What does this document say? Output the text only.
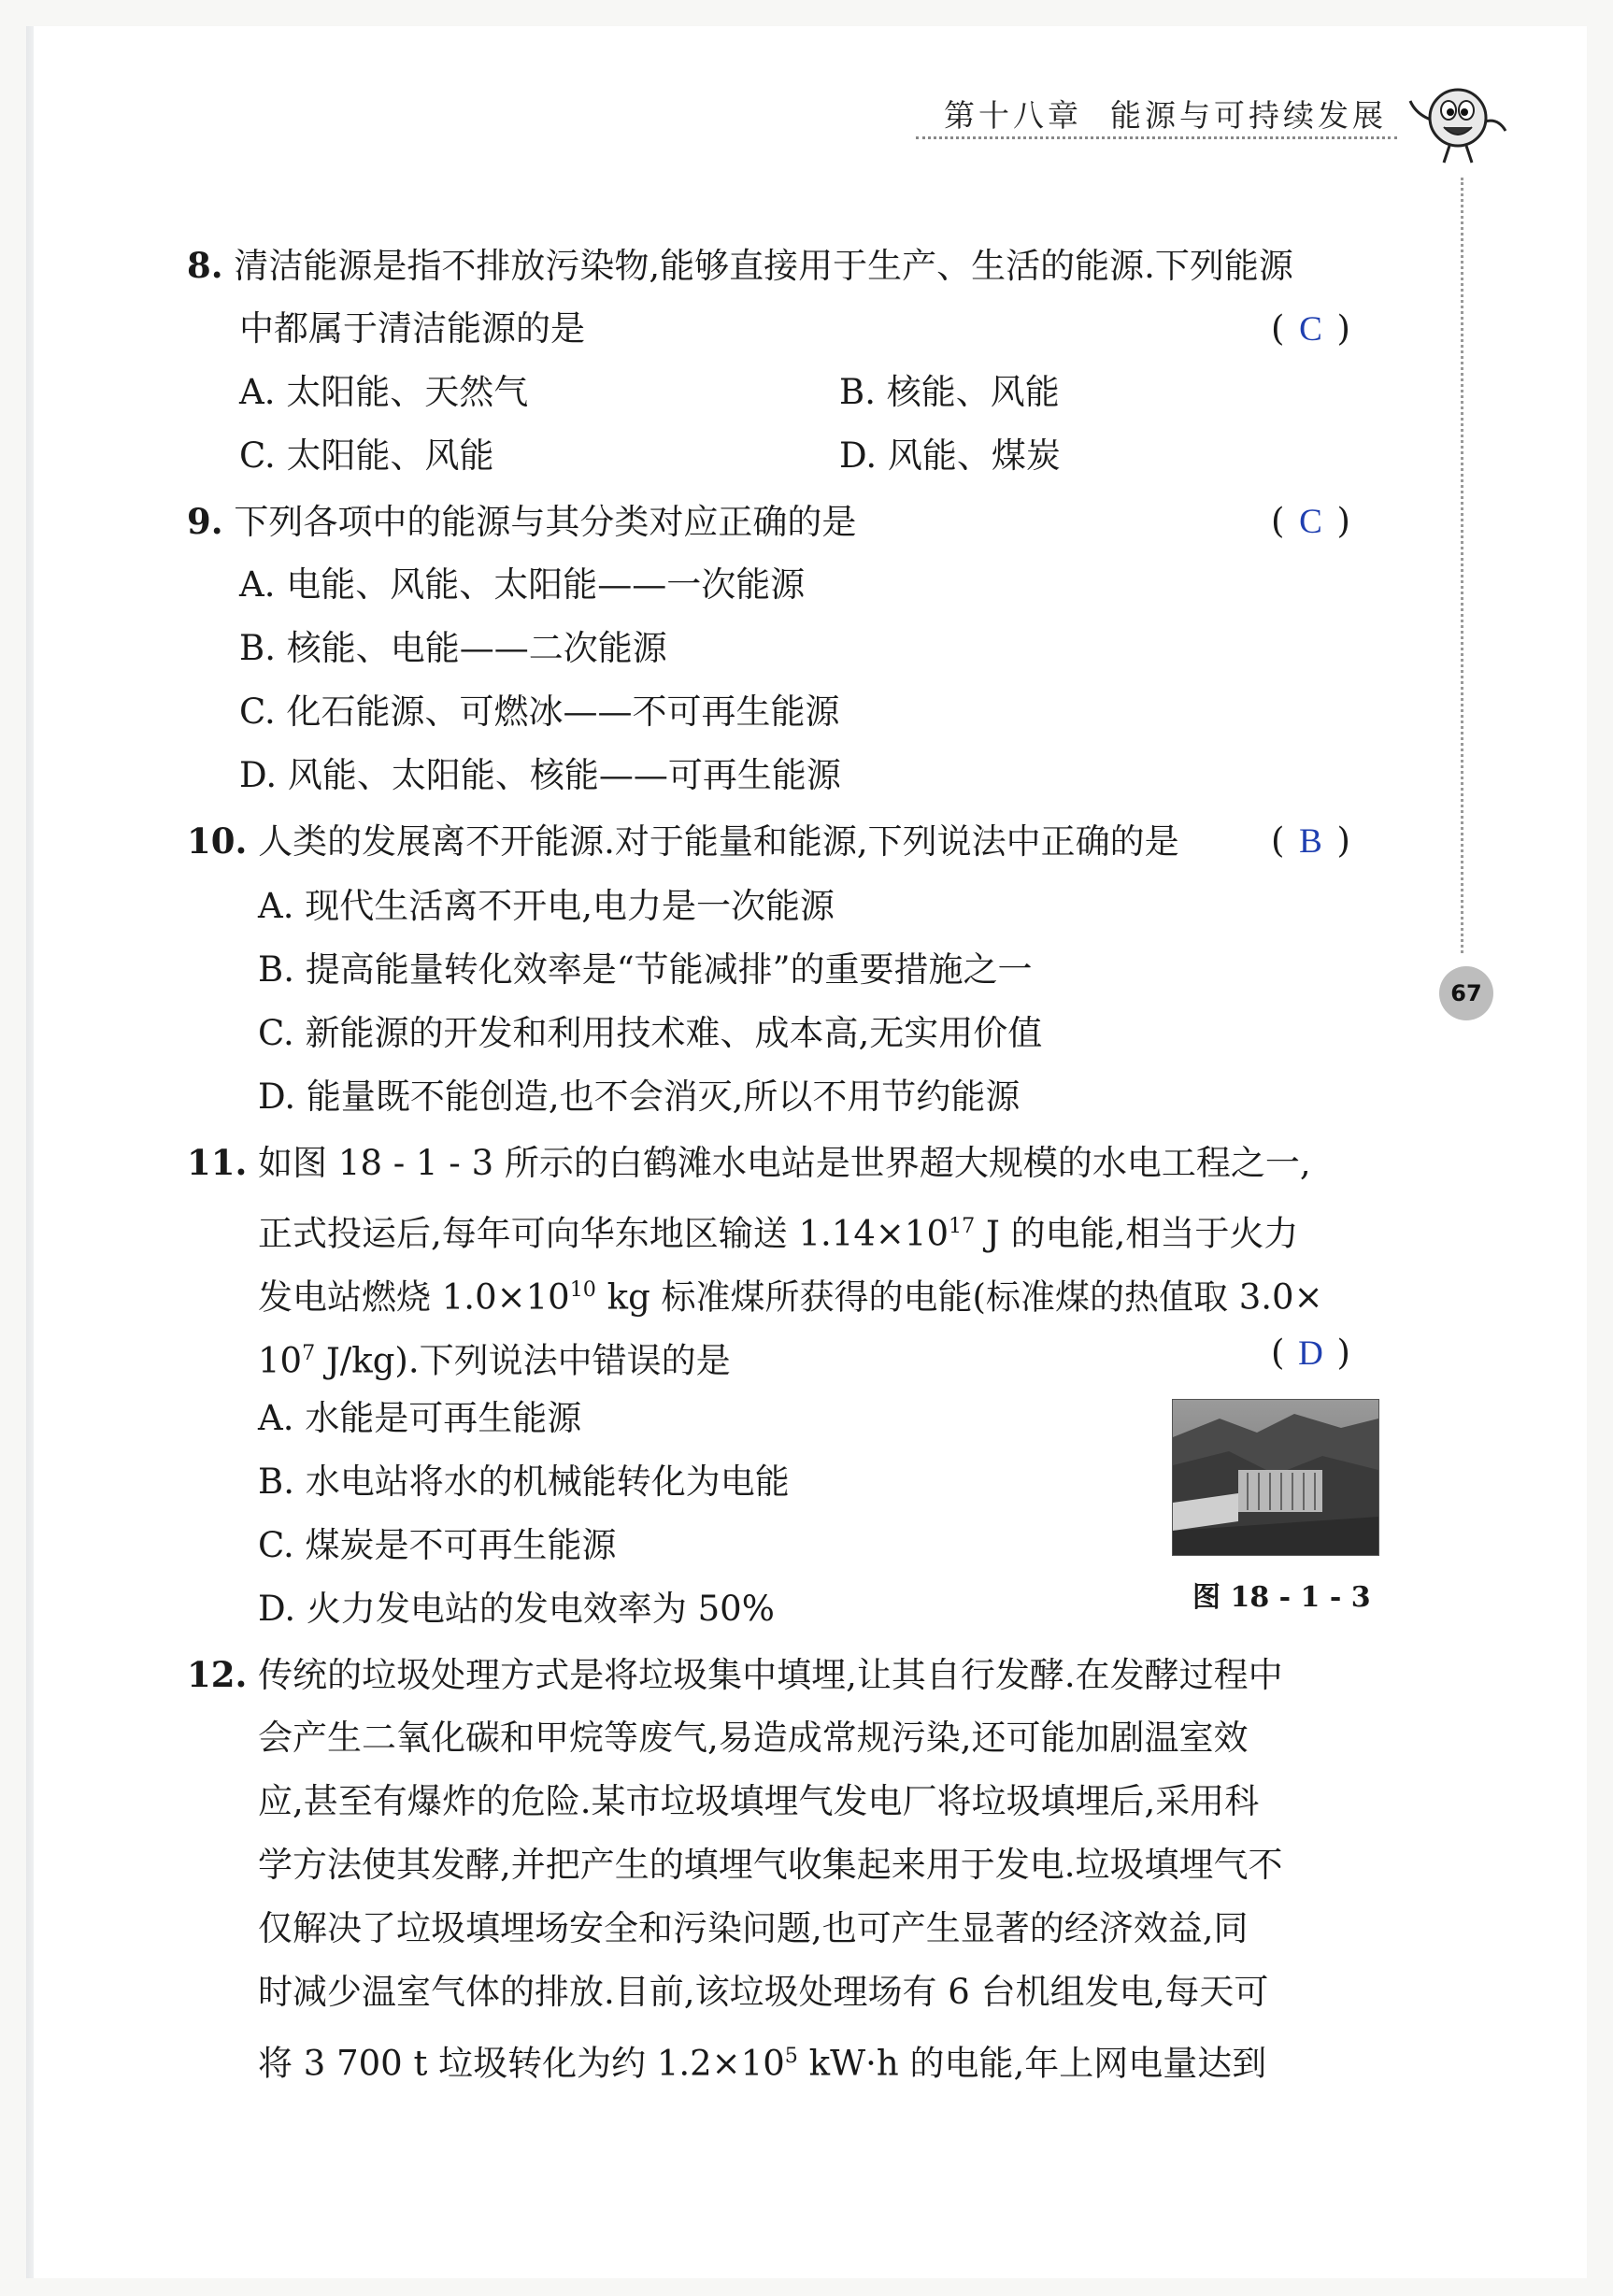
第十八章 能源与可持续发展
67
8. 清洁能源是指不排放污染物,能够直接用于生产、生活的能源.下列能源
中都属于清洁能源的是	( C )
A. 太阳能、天然气	B. 核能、风能
C. 太阳能、风能	D. 风能、煤炭
9. 下列各项中的能源与其分类对应正确的是	( C )
A. 电能、风能、太阳能——一次能源
B. 核能、电能——二次能源
C. 化石能源、可燃冰——不可再生能源
D. 风能、太阳能、核能——可再生能源
10. 人类的发展离不开能源.对于能量和能源,下列说法中正确的是	( B )
A. 现代生活离不开电,电力是一次能源
B. 提高能量转化效率是“节能减排”的重要措施之一
C. 新能源的开发和利用技术难、成本高,无实用价值
D. 能量既不能创造,也不会消灭,所以不用节约能源
11. 如图 18 - 1 - 3 所示的白鹤滩水电站是世界超大规模的水电工程之一,
正式投运后,每年可向华东地区输送 $1.14\times 10^{17}$ J 的电能,相当于火力
发电站燃烧 $1.0\times 10^{10}$ kg 标准煤所获得的电能(标准煤的热值取 3.0×
$10^7$ J/kg).下列说法中错误的是	( D )
A. 水能是可再生能源
B. 水电站将水的机械能转化为电能
C. 煤炭是不可再生能源
D. 火力发电站的发电效率为 50%	图 18 - 1 - 3
12. 传统的垃圾处理方式是将垃圾集中填埋,让其自行发酵.在发酵过程中
会产生二氧化碳和甲烷等废气,易造成常规污染,还可能加剧温室效
应,甚至有爆炸的危险.某市垃圾填埋气发电厂将垃圾填埋后,采用科
学方法使其发酵,并把产生的填埋气收集起来用于发电.垃圾填埋气不
仅解决了垃圾填埋场安全和污染问题,也可产生显著的经济效益,同
时减少温室气体的排放.目前,该垃圾处理场有 6 台机组发电,每天可
将 3 700 t 垃圾转化为约 $1.2\times 10^5$ kW·h 的电能,年上网电量达到
